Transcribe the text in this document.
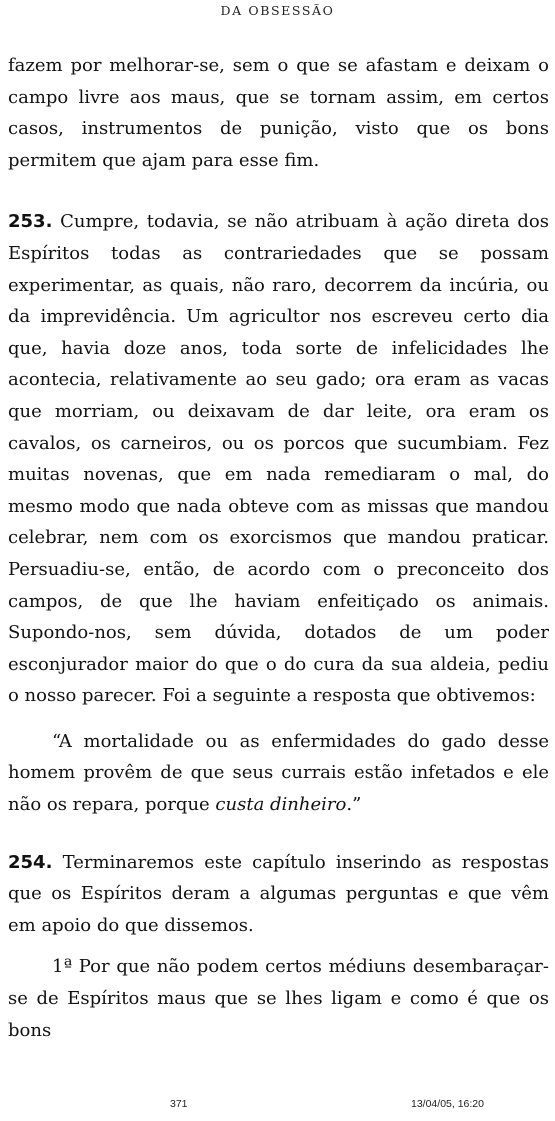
DA OBSESSÃO

fazem por melhorar-se, sem o que se afastam e deixam o campo livre aos maus, que se tornam assim, em certos casos, instrumentos de punição, visto que os bons permitem que ajam para esse fim.

253. Cumpre, todavia, se não atribuam à ação direta dos Espíritos todas as contrariedades que se possam experimentar, as quais, não raro, decorrem da incúria, ou da imprevidência. Um agricultor nos escreveu certo dia que, havia doze anos, toda sorte de infelicidades lhe acontecia, relativamente ao seu gado; ora eram as vacas que morriam, ou deixavam de dar leite, ora eram os cavalos, os carneiros, ou os porcos que sucumbiam. Fez muitas novenas, que em nada remediaram o mal, do mesmo modo que nada obteve com as missas que mandou celebrar, nem com os exorcismos que mandou praticar. Persuadiu-se, então, de acordo com o preconceito dos campos, de que lhe haviam enfeitiçado os animais. Supondo-nos, sem dúvida, dotados de um poder esconjurador maior do que o do cura da sua aldeia, pediu o nosso parecer. Foi a seguinte a resposta que obtivemos:

“A mortalidade ou as enfermidades do gado desse homem provêm de que seus currais estão infetados e ele não os repara, porque custa dinheiro.”

254. Terminaremos este capítulo inserindo as respostas que os Espíritos deram a algumas perguntas e que vêm em apoio do que dissemos.

1ª Por que não podem certos médiuns desembaraçar-se de Espíritos maus que se lhes ligam e como é que os bons

371	13/04/05, 16:20
